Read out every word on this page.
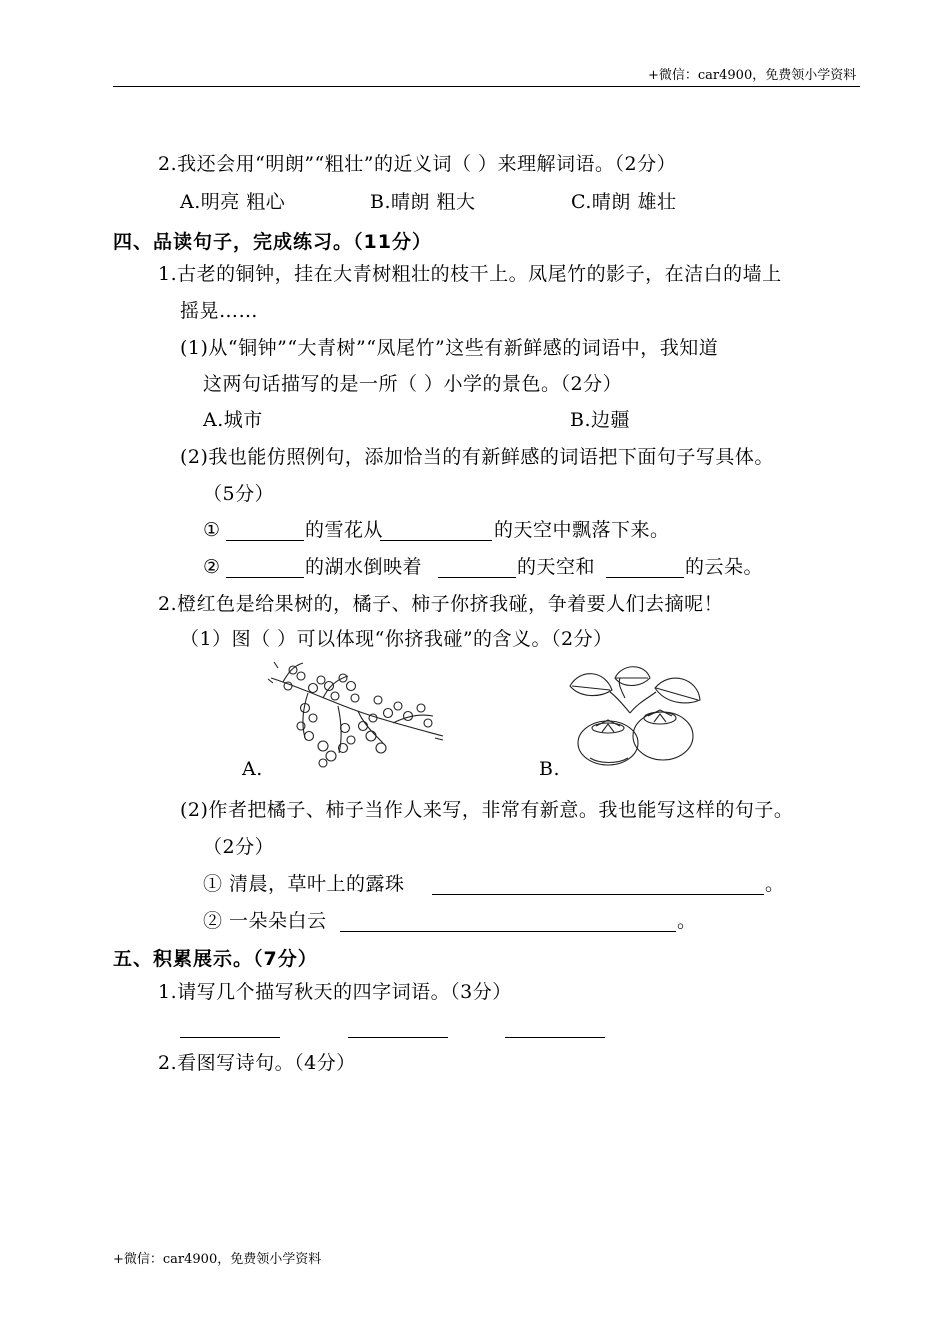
+微信：car4900，免费领小学资料
2.我还会用“明朗”“粗壮”的近义词（ ）来理解词语。（2分）
A.明亮 粗心	B.晴朗 粗大	C.晴朗 雄壮
四、品读句子，完成练习。（11分）
1.古老的铜钟，挂在大青树粗壮的枝干上。凤尾竹的影子，在洁白的墙上
摇晃……
(1)从“铜钟”“大青树”“凤尾竹”这些有新鲜感的词语中，我知道
这两句话描写的是一所（ ）小学的景色。（2分）
A.城市	B.边疆
(2)我也能仿照例句，添加恰当的有新鲜感的词语把下面句子写具体。
（5分）
①	的雪花从	的天空中飘落下来。
②	的湖水倒映着	的天空和	的云朵。
2.橙红色是给果树的，橘子、柿子你挤我碰，争着要人们去摘呢！
（1）图（ ）可以体现“你挤我碰”的含义。（2分）
A.	B.
(2)作者把橘子、柿子当作人来写，非常有新意。我也能写这样的句子。
（2分）
① 清晨，草叶上的露珠	。
② 一朵朵白云	。
五、积累展示。（7分）
1.请写几个描写秋天的四字词语。（3分）
2.看图写诗句。（4分）
+微信：car4900，免费领小学资料
